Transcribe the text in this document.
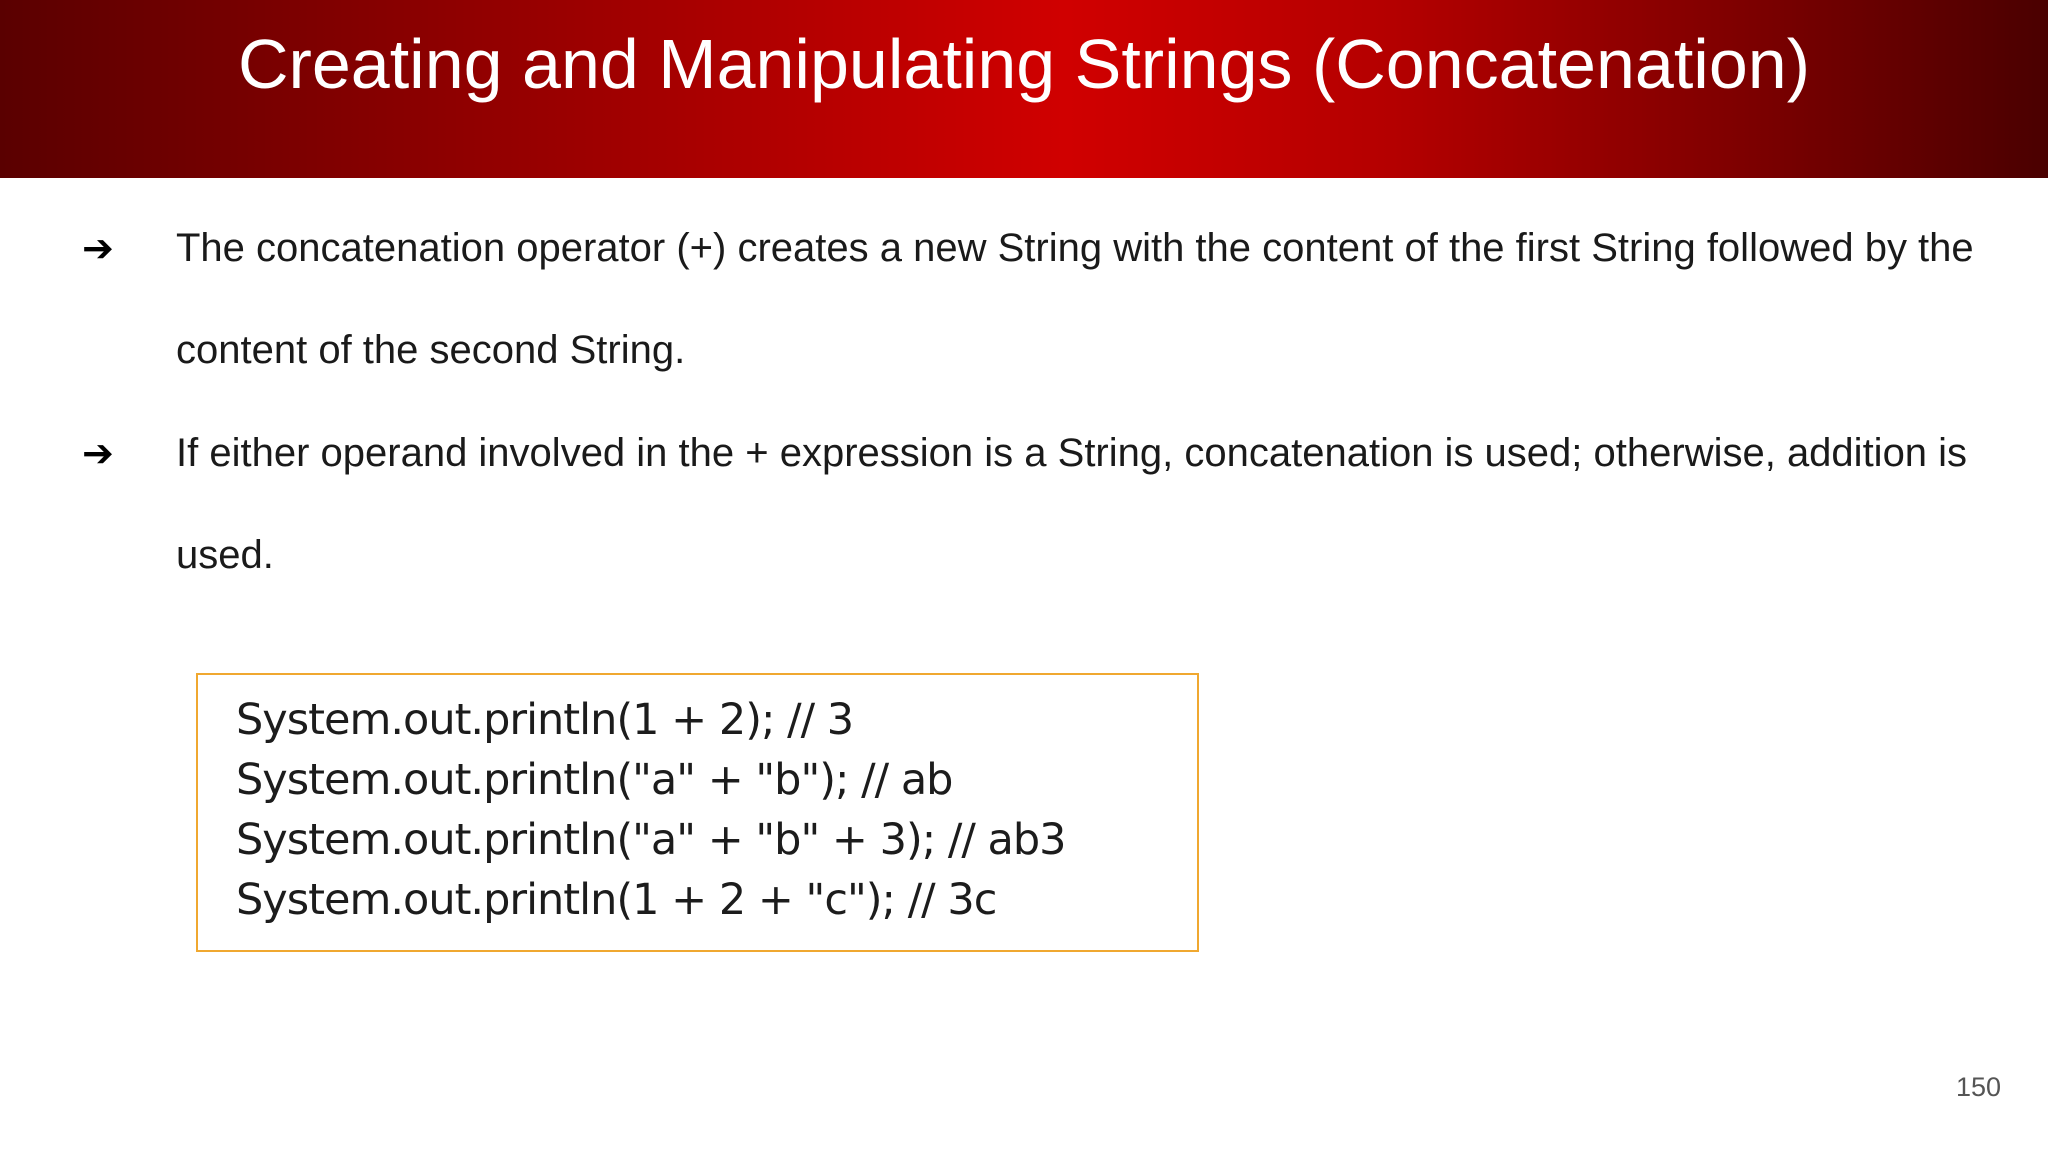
Creating and Manipulating Strings (Concatenation)
➔ The concatenation operator (+) creates a new String with the content of the first String followed by the content of the second String.
➔ If either operand involved in the + expression is a String, concatenation is used; otherwise, addition is used.
System.out.println(1 + 2); // 3
System.out.println("a" + "b"); // ab
System.out.println("a" + "b" + 3); // ab3
System.out.println(1 + 2 + "c"); // 3c
150
